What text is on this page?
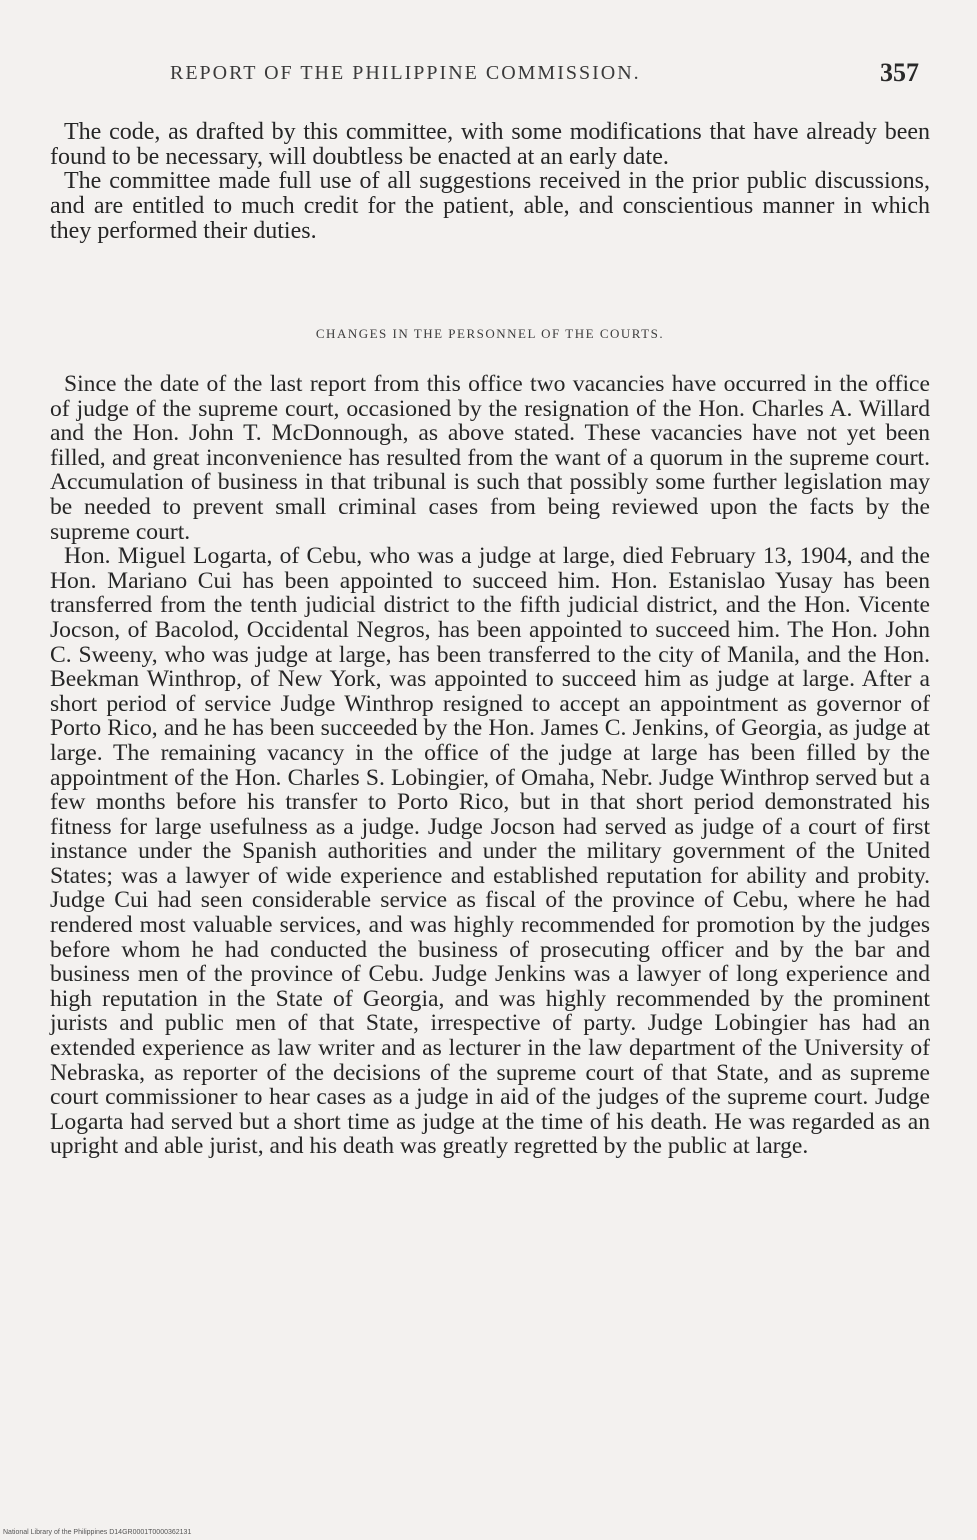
REPORT OF THE PHILIPPINE COMMISSION.	357

The code, as drafted by this committee, with some modifications that have already been found to be necessary, will doubtless be enacted at an early date.

The committee made full use of all suggestions received in the prior public discussions, and are entitled to much credit for the patient, able, and conscientious manner in which they performed their duties.

CHANGES IN THE PERSONNEL OF THE COURTS.

Since the date of the last report from this office two vacancies have occurred in the office of judge of the supreme court, occasioned by the resignation of the Hon. Charles A. Willard and the Hon. John T. McDonnough, as above stated. These vacancies have not yet been filled, and great inconvenience has resulted from the want of a quorum in the supreme court. Accumulation of business in that tribunal is such that possibly some further legislation may be needed to prevent small criminal cases from being reviewed upon the facts by the supreme court.

Hon. Miguel Logarta, of Cebu, who was a judge at large, died February 13, 1904, and the Hon. Mariano Cui has been appointed to succeed him. Hon. Estanislao Yusay has been transferred from the tenth judicial district to the fifth judicial district, and the Hon. Vicente Jocson, of Bacolod, Occidental Negros, has been appointed to succeed him. The Hon. John C. Sweeny, who was judge at large, has been transferred to the city of Manila, and the Hon. Beekman Winthrop, of New York, was appointed to succeed him as judge at large. After a short period of service Judge Winthrop resigned to accept an appointment as governor of Porto Rico, and he has been succeeded by the Hon. James C. Jenkins, of Georgia, as judge at large. The remaining vacancy in the office of the judge at large has been filled by the appointment of the Hon. Charles S. Lobingier, of Omaha, Nebr. Judge Winthrop served but a few months before his transfer to Porto Rico, but in that short period demonstrated his fitness for large usefulness as a judge. Judge Jocson had served as judge of a court of first instance under the Spanish authorities and under the military government of the United States; was a lawyer of wide experience and established reputation for ability and probity. Judge Cui had seen considerable service as fiscal of the province of Cebu, where he had rendered most valuable services, and was highly recommended for promotion by the judges before whom he had conducted the business of prosecuting officer and by the bar and business men of the province of Cebu. Judge Jenkins was a lawyer of long experience and high reputation in the State of Georgia, and was highly recommended by the prominent jurists and public men of that State, irrespective of party. Judge Lobingier has had an extended experience as law writer and as lecturer in the law department of the University of Nebraska, as reporter of the decisions of the supreme court of that State, and as supreme court commissioner to hear cases as a judge in aid of the judges of the supreme court. Judge Logarta had served but a short time as judge at the time of his death. He was regarded as an upright and able jurist, and his death was greatly regretted by the public at large.

National Library of the Philippines D14GR0001T0000362131
